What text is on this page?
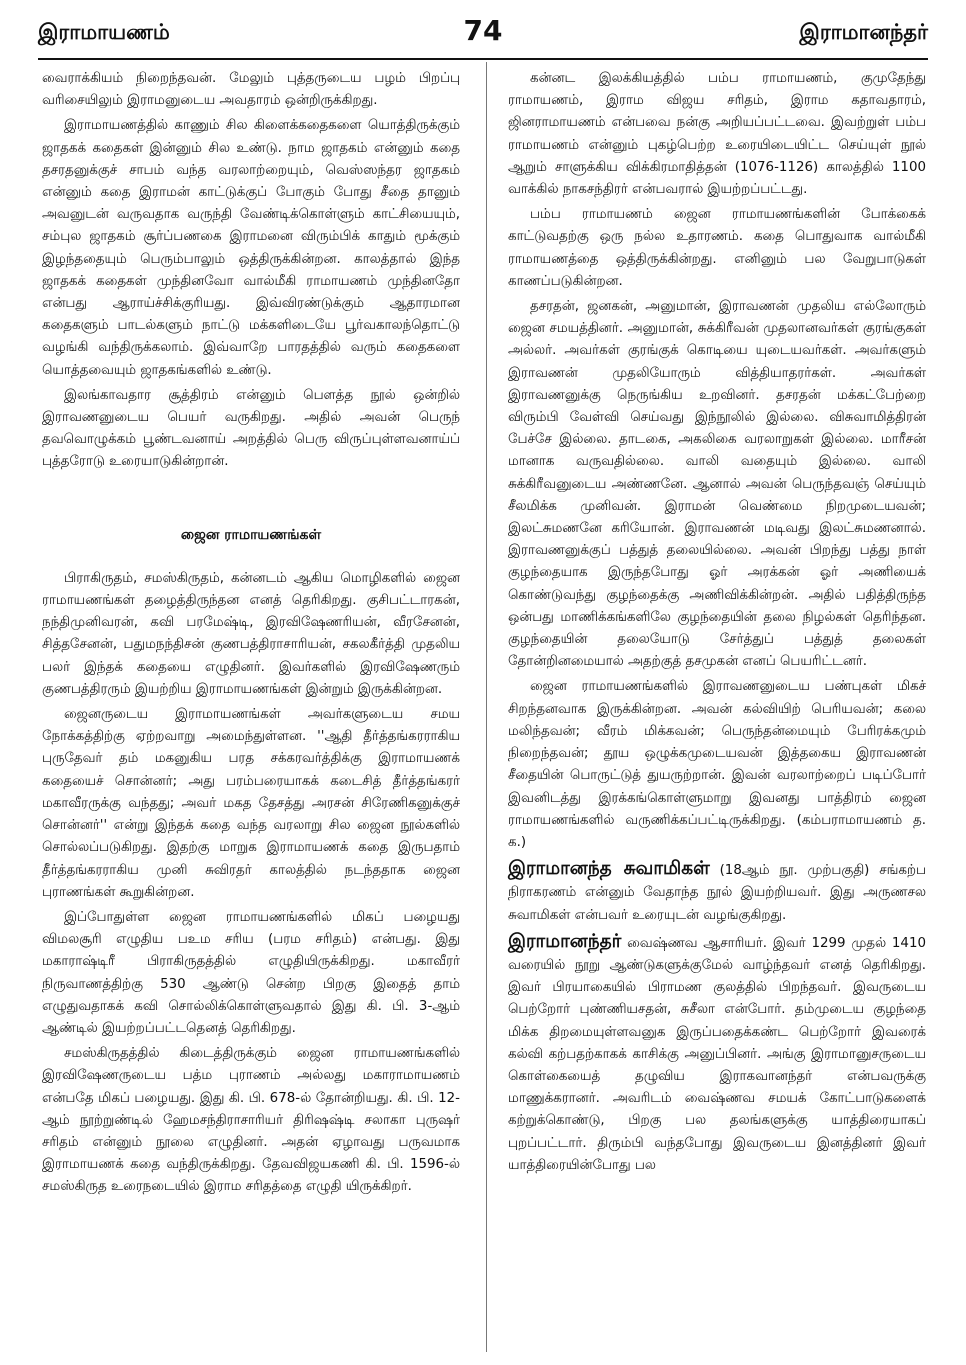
இராமாயணம்	74	இராமானந்தர்

வைராக்கியம் நிறைந்தவன். மேலும் புத்தருடைய பழம் பிறப்பு வரிசையிலும் இராமனுடைய அவதாரம் ஒன்றிருக்கிறது.

இராமாயணத்தில் காணும் சில கிளைக்கதைகளை யொத்திருக்கும் ஜாதகக் கதைகள் இன்னும் சில உண்டு. நாம ஜாதகம் என்னும் கதை தசரதனுக்குச் சாபம் வந்த வரலாற்றையும், வெஸ்ஸந்தர ஜாதகம் என்னும் கதை இராமன் காட்டுக்குப் போகும் போது சீதை தானும் அவனுடன் வருவதாக வருந்தி வேண்டிக்கொள்ளும் காட்சியையும், சம்புல ஜாதகம் சூர்ப்பணகை இராமனை விரும்பிக் காதும் மூக்கும் இழந்ததையும் பெரும்பாலும் ஒத்திருக்கின்றன. காலத்தால் இந்த ஜாதகக் கதைகள் முந்தினவோ வால்மீகி ராமாயணம் முந்தினதோ என்பது ஆராய்ச்சிக்குரியது. இவ்விரண்டுக்கும் ஆதாரமான கதைகளும் பாடல்களும் நாட்டு மக்களிடையே பூர்வகாலந்தொட்டு வழங்கி வந்திருக்கலாம். இவ்வாறே பாரதத்தில் வரும் கதைகளை யொத்தவையும் ஜாதகங்களில் உண்டு.

இலங்காவதார சூத்திரம் என்னும் பௌத்த நூல் ஒன்றில் இராவணனுடைய பெயர் வருகிறது. அதில் அவன் பெருந் தவவொழுக்கம் பூண்டவனாய் அறத்தில் பெரு விருப்புள்ளவனாய்ப் புத்தரோடு உரையாடுகின்றான்.

ஜைன ராமாயணங்கள்

பிராகிருதம், சமஸ்கிருதம், கன்னடம் ஆகிய மொழிகளில் ஜைன ராமாயணங்கள் தழைத்திருந்தன எனத் தெரிகிறது. குசிபட்டாரகன், நந்திமுனிவரன், கவி பரமேஷ்டி, இரவிஷேணரியன், வீரசேனன், சித்தசேனன், பதுமநந்திசன் குணபத்திராசாரியன், சகலகீர்த்தி முதலிய பலர் இந்தக் கதையை எழுதினர். இவர்களில் இரவிஷேணரும் குணபத்திரரும் இயற்றிய இராமாயணங்கள் இன்றும் இருக்கின்றன.

ஜைனருடைய இராமாயணங்கள் அவர்களுடைய சமய நோக்கத்திற்கு ஏற்றவாறு அமைந்துள்ளன. ''ஆதி தீர்த்தங்கரராகிய புருதேவர் தம் மகனுகிய பரத சக்கரவர்த்திக்கு இராமாயணக் கதையைச் சொன்னர்; அது பரம்பரையாகக் கடைசித் தீர்த்தங்கரர் மகாவீரருக்கு வந்தது; அவர் மகத தேசத்து அரசன் சிரேணிகனுக்குச் சொன்னர்'' என்று இந்தக் கதை வந்த வரலாறு சில ஜைன நூல்களில் சொல்லப்படுகிறது. இதற்கு மாறுக இராமாயணக் கதை இருபதாம் தீர்த்தங்கரராகிய முனி சுவிரதர் காலத்தில் நடந்ததாக ஜைன புராணங்கள் கூறுகின்றன.

இப்போதுள்ள ஜைன ராமாயணங்களில் மிகப் பழையது விமலசூரி எழுதிய பஉம சரிய (பரம சரிதம்) என்பது. இது மகாராஷ்டிரீ பிராகிருதத்தில் எழுதியிருக்கிறது. மகாவீரர் நிருவாணத்திற்கு 530 ஆண்டு சென்ற பிறகு இதைத் தாம் எழுதுவதாகக் கவி சொல்லிக்கொள்ளுவதால் இது கி. பி. 3-ஆம் ஆண்டில் இயற்றப்பட்டதெனத் தெரிகிறது.

சமஸ்கிருதத்தில் கிடைத்திருக்கும் ஜைன ராமாயணங்களில் இரவிஷேணருடைய பத்ம புராணம் அல்லது மகாராமாயணம் என்பதே மிகப் பழையது. இது கி. பி. 678-ல் தோன்றியது. கி. பி. 12-ஆம் நூற்றுண்டில் ஹேமசந்திராசாரியர் திரிஷஷ்டி சலாகா புருஷர் சரிதம் என்னும் நூலை எழுதினர். அதன் ஏழாவது பருவமாக இராமாயணக் கதை வந்திருக்கிறது. தேவவிஜயகணி கி. பி. 1596-ல் சமஸ்கிருத உரைநடையில் இராம சரிதத்தை எழுதி யிருக்கிறர்.

கன்னட இலக்கியத்தில் பம்ப ராமாயணம், குமுதேந்து ராமாயணம், இராம விஜய சரிதம், இராம கதாவதாரம், ஜினராமாயணம் என்பவை நன்கு அறியப்பட்டவை. இவற்றுள் பம்ப ராமாயணம் என்னும் புகழ்பெற்ற உரையிடையிட்ட செய்யுள் நூல் ஆறும் சாளுக்கிய விக்கிரமாதித்தன் (1076-1126) காலத்தில் 1100 வாக்கில் நாகசந்திரர் என்பவரால் இயற்றப்பட்டது.

பம்ப ராமாயணம் ஜைன ராமாயணங்களின் போக்கைக் காட்டுவதற்கு ஒரு நல்ல உதாரணம். கதை பொதுவாக வால்மீகி ராமாயணத்தை ஒத்திருக்கின்றது. எனினும் பல வேறுபாடுகள் காணப்படுகின்றன.

தசரதன், ஜனகன், அனுமான், இராவணன் முதலிய எல்லோரும் ஜைன சமயத்தினர். அனுமான், சுக்கிரீவன் முதலானவர்கள் குரங்குகள் அல்லர். அவர்கள் குரங்குக் கொடியை யுடையவர்கள். அவர்களும் இராவணன் முதலியோரும் வித்தியாதரர்கள். அவர்கள் இராவணனுக்கு நெருங்கிய உறவினர். தசரதன் மக்கட்பேற்றை விரும்பி வேள்வி செய்வது இந்நூலில் இல்லை. விசுவாமித்திரன் பேச்சே இல்லை. தாடகை, அகலிகை வரலாறுகள் இல்லை. மாரீசன் மானாக வருவதில்லை. வாலி வதையும் இல்லை. வாலி சுக்கிரீவனுடைய அண்ணனே. ஆனால் அவன் பெருந்தவஞ் செய்யும் சீலமிக்க முனிவன். இராமன் வெண்மை நிறமுடையவன்; இலட்சுமணனே கரியோன். இராவணன் மடிவது இலட்சுமணனால். இராவணனுக்குப் பத்துத் தலையில்லை. அவன் பிறந்து பத்து நாள் குழந்தையாக இருந்தபோது ஓர் அரக்கன் ஓர் அணியைக் கொண்டுவந்து குழந்தைக்கு அணிவிக்கின்றன். அதில் பதித்திருந்த ஒன்பது மாணிக்கங்களிலே குழந்தையின் தலை நிழல்கள் தெரிந்தன. குழந்தையின் தலையோடு சேர்த்துப் பத்துத் தலைகள் தோன்றினமையால் அதற்குத் தசமுகன் எனப் பெயரிட்டனர்.

ஜைன ராமாயணங்களில் இராவணனுடைய பண்புகள் மிகச் சிறந்தனவாக இருக்கின்றன. அவன் கல்வியிற் பெரியவன்; கலை மலிந்தவன்; வீரம் மிக்கவன்; பெருந்தன்மையும் பேரிரக்கமும் நிறைந்தவன்; தூய ஒழுக்கமுடையவன் இத்தகைய இராவணன் சீதையின் பொருட்டுத் துயருற்றான். இவன் வரலாற்றைப் படிப்போர் இவனிடத்து இரக்கங்கொள்ளுமாறு இவனது பாத்திரம் ஜைன ராமாயணங்களில் வருணிக்கப்பட்டிருக்கிறது. (கம்பராமாயணம் த. க.)

இராமானந்த சுவாமிகள் (18ஆம் நூ. முற்பகுதி) சங்கற்ப நிராகரணம் என்னும் வேதாந்த நூல் இயற்றியவர். இது அருணசல சுவாமிகள் என்பவர் உரையுடன் வழங்குகிறது.

இராமானந்தர் வைஷ்ணவ ஆசாரியர். இவர் 1299 முதல் 1410 வரையில் நூறு ஆண்டுகளுக்குமேல் வாழ்ந்தவர் எனத் தெரிகிறது. இவர் பிரயாகையில் பிராமண குலத்தில் பிறந்தவர். இவருடைய பெற்றோர் புண்ணியசதன், சுசீலா என்போர். தம்முடைய குழந்தை மிக்க திறமையுள்ளவனுக இருப்பதைக்கண்ட பெற்றோர் இவரைக் கல்வி கற்பதற்காகக் காசிக்கு அனுப்பினர். அங்கு இராமானுசருடைய கொள்கையைத் தழுவிய இராகவானந்தர் என்பவருக்கு மாணுக்கரானர். அவரிடம் வைஷ்ணவ சமயக் கோட்பாடுகளைக் கற்றுக்கொண்டு, பிறகு பல தலங்களுக்கு யாத்திரையாகப் புறப்பட்டார். திரும்பி வந்தபோது இவருடைய இனத்தினர் இவர் யாத்திரையின்போது பல
